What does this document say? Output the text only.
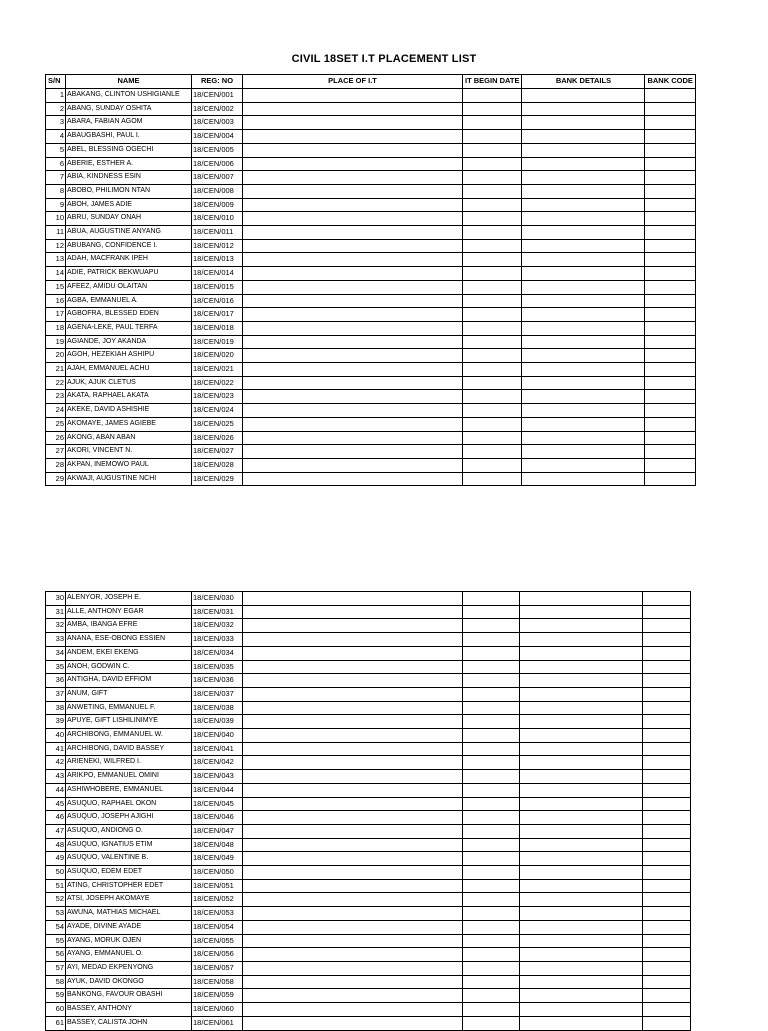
CIVIL 18SET I.T PLACEMENT LIST
S/N	NAME	REG: NO	PLACE OF I.T	IT BEGIN DATE	BANK DETAILS	BANK CODE
1	ABAKANG, CLINTON USHIGIANLE	18/CEN/001				
2	ABANG, SUNDAY OSHITA	18/CEN/002				
3	ABARA, FABIAN AGOM	18/CEN/003				
4	ABAUGBASHI, PAUL I.	18/CEN/004				
5	ABEL, BLESSING OGECHI	18/CEN/005				
6	ABERIE, ESTHER A.	18/CEN/006				
7	ABIA, KINDNESS ESIN	18/CEN/007				
8	ABOBO, PHILIMON NTAN	18/CEN/008				
9	ABOH, JAMES ADIE	18/CEN/009				
10	ABRU, SUNDAY ONAH	18/CEN/010				
11	ABUA, AUGUSTINE ANYANG	18/CEN/011				
12	ABUBANG, CONFIDENCE I.	18/CEN/012				
13	ADAH, MACFRANK IPEH	18/CEN/013				
14	ADIE, PATRICK BEKWUAPU	18/CEN/014				
15	AFEEZ, AMIDU OLAITAN	18/CEN/015				
16	AGBA, EMMANUEL A.	18/CEN/016				
17	AGBOFRA, BLESSED EDEN	18/CEN/017				
18	AGENA-LEKE, PAUL TERFA	18/CEN/018				
19	AGIANDE, JOY AKANDA	18/CEN/019				
20	AGOH, HEZEKIAH ASHIPU	18/CEN/020				
21	AJAH, EMMANUEL ACHU	18/CEN/021				
22	AJUK, AJUK CLETUS	18/CEN/022				
23	AKATA, RAPHAEL AKATA	18/CEN/023				
24	AKEKE, DAVID ASHISHIE	18/CEN/024				
25	AKOMAYE, JAMES AGIEBE	18/CEN/025				
26	AKONG, ABAN ABAN	18/CEN/026				
27	AKORI, VINCENT N.	18/CEN/027				
28	AKPAN, INEMOWO PAUL	18/CEN/028				
29	AKWAJI, AUGUSTINE NCHI	18/CEN/029				
30	ALENYOR, JOSEPH E.	18/CEN/030				
31	ALLE, ANTHONY EGAR	18/CEN/031				
32	AMBA, IBANGA EFRE	18/CEN/032				
33	ANANA, ESE-OBONG ESSIEN	18/CEN/033				
34	ANDEM, EKEI EKENG	18/CEN/034				
35	ANOH, GODWIN C.	18/CEN/035				
36	ANTIGHA, DAVID EFFIOM	18/CEN/036				
37	ANUM, GIFT	18/CEN/037				
38	ANWETING, EMMANUEL F.	18/CEN/038				
39	APUYE, GIFT LISHILINIMYE	18/CEN/039				
40	ARCHIBONG, EMMANUEL W.	18/CEN/040				
41	ARCHIBONG, DAVID BASSEY	18/CEN/041				
42	ARIENEKI, WILFRED I.	18/CEN/042				
43	ARIKPO, EMMANUEL OMINI	18/CEN/043				
44	ASHIWHOBERE, EMMANUEL	18/CEN/044				
45	ASUQUO, RAPHAEL OKON	18/CEN/045				
46	ASUQUO, JOSEPH AJIGHI	18/CEN/046				
47	ASUQUO, ANDIONG O.	18/CEN/047				
48	ASUQUO, IGNATIUS ETIM	18/CEN/048				
49	ASUQUO, VALENTINE B.	18/CEN/049				
50	ASUQUO, EDEM EDET	18/CEN/050				
51	ATING, CHRISTOPHER EDET	18/CEN/051				
52	ATSI, JOSEPH AKOMAYE	18/CEN/052				
53	AWUNA, MATHIAS MICHAEL	18/CEN/053				
54	AYADE, DIVINE AYADE	18/CEN/054				
55	AYANG, MORUK OJEN	18/CEN/055				
56	AYANG, EMMANUEL O.	18/CEN/056				
57	AYI, MEDAD EKPENYONG	18/CEN/057				
58	AYUK, DAVID OKONGO	18/CEN/058				
59	BANKONG, FAVOUR OBASHI	18/CEN/059				
60	BASSEY, ANTHONY	18/CEN/060				
61	BASSEY, CALISTA JOHN	18/CEN/061				
